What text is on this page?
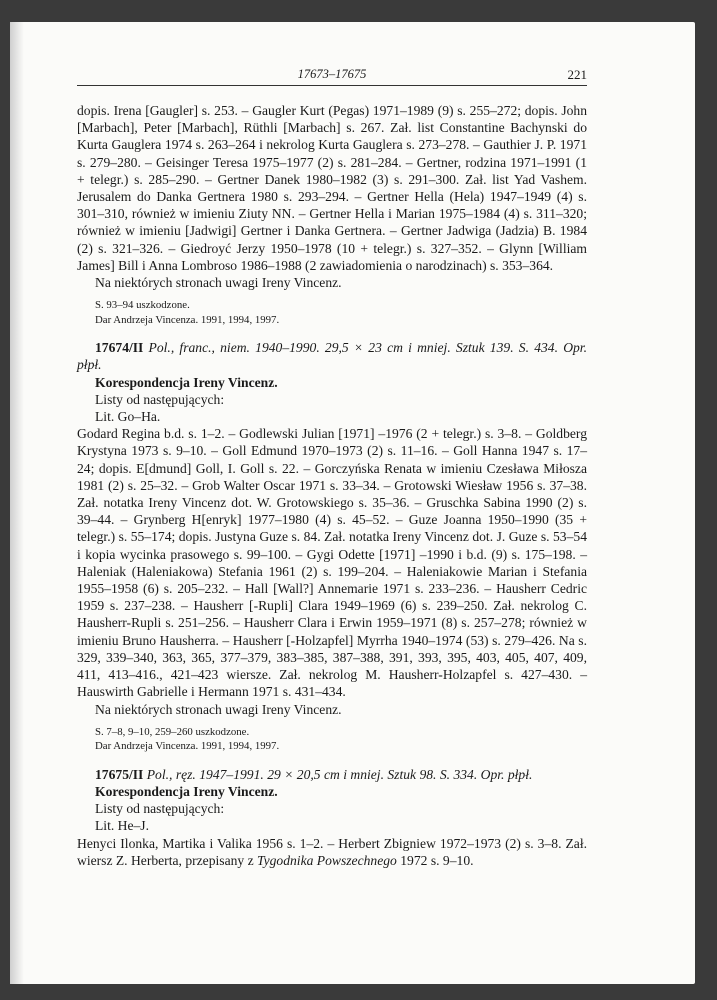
17673–17675	221

dopis. Irena [Gaugler] s. 253. – Gaugler Kurt (Pegas) 1971–1989 (9) s. 255–272; dopis. John [Marbach], Peter [Marbach], Rüthli [Marbach] s. 267. Zał. list Constantine Bachynski do Kurta Gauglera 1974 s. 263–264 i nekrolog Kurta Gauglera s. 273–278. – Gauthier J. P. 1971 s. 279–280. – Geisinger Teresa 1975–1977 (2) s. 281–284. – Gertner, rodzina 1971–1991 (1 + telegr.) s. 285–290. – Gertner Danek 1980–1982 (3) s. 291–300. Zał. list Yad Vashem. Jerusalem do Danka Gertnera 1980 s. 293–294. – Gertner Hella (Hela) 1947–1949 (4) s. 301–310, również w imieniu Ziuty NN. – Gertner Hella i Marian 1975–1984 (4) s. 311–320; również w imieniu [Jadwigi] Gertner i Danka Gertnera. – Gertner Jadwiga (Jadzia) B. 1984 (2) s. 321–326. – Giedroyć Jerzy 1950–1978 (10 + telegr.) s. 327–352. – Glynn [William James] Bill i Anna Lombroso 1986–1988 (2 zawiadomienia o narodzinach) s. 353–364.

Na niektórych stronach uwagi Ireny Vincenz.

S. 93–94 uszkodzone.

Dar Andrzeja Vincenza. 1991, 1994, 1997.

17674/II Pol., franc., niem. 1940–1990. 29,5 × 23 cm i mniej. Sztuk 139. S. 434. Opr. płpł.

Korespondencja Ireny Vincenz.

Listy od następujących:

Lit. Go–Ha.

Godard Regina b.d. s. 1–2. – Godlewski Julian [1971] –1976 (2 + telegr.) s. 3–8. – Goldberg Krystyna 1973 s. 9–10. – Goll Edmund 1970–1973 (2) s. 11–16. – Goll Hanna 1947 s. 17–24; dopis. E[dmund] Goll, I. Goll s. 22. – Gorczyńska Renata w imieniu Czesława Miłosza 1981 (2) s. 25–32. – Grob Walter Oscar 1971 s. 33–34. – Grotowski Wiesław 1956 s. 37–38. Zał. notatka Ireny Vincenz dot. W. Grotowskiego s. 35–36. – Gruschka Sabina 1990 (2) s. 39–44. – Grynberg H[enryk] 1977–1980 (4) s. 45–52. – Guze Joanna 1950–1990 (35 + telegr.) s. 55–174; dopis. Justyna Guze s. 84. Zał. notatka Ireny Vincenz dot. J. Guze s. 53–54 i kopia wycinka prasowego s. 99–100. – Gygi Odette [1971] –1990 i b.d. (9) s. 175–198. – Haleniak (Haleniakowa) Stefania 1961 (2) s. 199–204. – Haleniakowie Marian i Stefania 1955–1958 (6) s. 205–232. – Hall [Wall?] Annemarie 1971 s. 233–236. – Hausherr Cedric 1959 s. 237–238. – Hausherr [-Rupli] Clara 1949–1969 (6) s. 239–250. Zał. nekrolog C. Hausherr-Rupli s. 251–256. – Hausherr Clara i Erwin 1959–1971 (8) s. 257–278; również w imieniu Bruno Hausherra. – Hausherr [-Holzapfel] Myrrha 1940–1974 (53) s. 279–426. Na s. 329, 339–340, 363, 365, 377–379, 383–385, 387–388, 391, 393, 395, 403, 405, 407, 409, 411, 413–416., 421–423 wiersze. Zał. nekrolog M. Hausherr-Holzapfel s. 427–430. – Hauswirth Gabrielle i Hermann 1971 s. 431–434.

Na niektórych stronach uwagi Ireny Vincenz.

S. 7–8, 9–10, 259–260 uszkodzone.

Dar Andrzeja Vincenza. 1991, 1994, 1997.

17675/II Pol., ręz. 1947–1991. 29 × 20,5 cm i mniej. Sztuk 98. S. 334. Opr. płpł.

Korespondencja Ireny Vincenz.

Listy od następujących:

Lit. He–J.

Henyci Ilonka, Martika i Valika 1956 s. 1–2. – Herbert Zbigniew 1972–1973 (2) s. 3–8. Zał. wiersz Z. Herberta, przepisany z Tygodnika Powszechnego 1972 s. 9–10.
